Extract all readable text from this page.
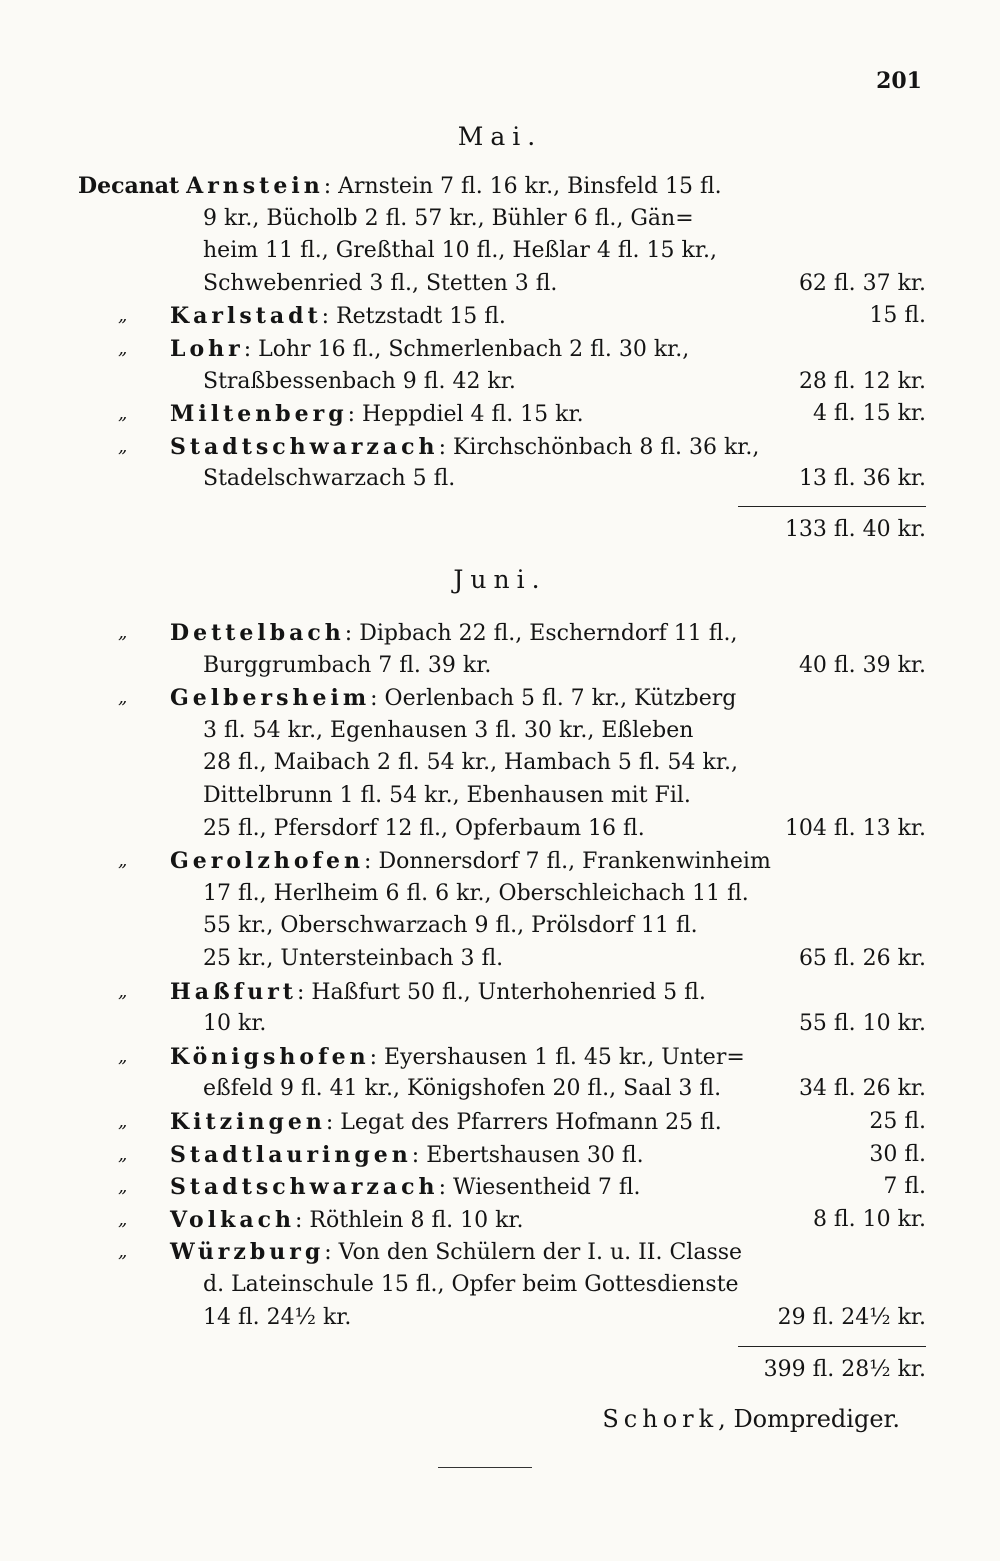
201
Mai.
Decanat Arnstein: Arnstein 7 fl. 16 kr., Binsfeld 15 fl.
9 kr., Bücholb 2 fl. 57 kr., Bühler 6 fl., Gän=
heim 11 fl., Greßthal 10 fl., Heßlar 4 fl. 15 kr.,
Schwebenried 3 fl., Stetten 3 fl.	62 fl. 37 kr.
„ Karlstadt: Retzstadt 15 fl.	15 fl.
„ Lohr: Lohr 16 fl., Schmerlenbach 2 fl. 30 kr.,
Straßbessenbach 9 fl. 42 kr.	28 fl. 12 kr.
„ Miltenberg: Heppdiel 4 fl. 15 kr.	4 fl. 15 kr.
„ Stadtschwarzach: Kirchschönbach 8 fl. 36 kr.,
Stadelschwarzach 5 fl.	13 fl. 36 kr.
133 fl. 40 kr.
Juni.
„ Dettelbach: Dipbach 22 fl., Escherndorf 11 fl.,
Burggrumbach 7 fl. 39 kr.	40 fl. 39 kr.
„ Gelbersheim: Oerlenbach 5 fl. 7 kr., Kützberg
3 fl. 54 kr., Egenhausen 3 fl. 30 kr., Eßleben
28 fl., Maibach 2 fl. 54 kr., Hambach 5 fl. 54 kr.,
Dittelbrunn 1 fl. 54 kr., Ebenhausen mit Fil.
25 fl., Pfersdorf 12 fl., Opferbaum 16 fl.	104 fl. 13 kr.
„ Gerolzhofen: Donnersdorf 7 fl., Frankenwinheim
17 fl., Herlheim 6 fl. 6 kr., Oberschleichach 11 fl.
55 kr., Oberschwarzach 9 fl., Prölsdorf 11 fl.
25 kr., Untersteinbach 3 fl.	65 fl. 26 kr.
„ Haßfurt: Haßfurt 50 fl., Unterhohenried 5 fl.
10 kr.	55 fl. 10 kr.
„ Königshofen: Eyershausen 1 fl. 45 kr., Unter=
eßfeld 9 fl. 41 kr., Königshofen 20 fl., Saal 3 fl.	34 fl. 26 kr.
„ Kitzingen: Legat des Pfarrers Hofmann 25 fl.	25 fl.
„ Stadtlauringen: Ebertshausen 30 fl.	30 fl.
„ Stadtschwarzach: Wiesentheid 7 fl.	7 fl.
„ Volkach: Röthlein 8 fl. 10 kr.	8 fl. 10 kr.
„ Würzburg: Von den Schülern der I. u. II. Classe
d. Lateinschule 15 fl., Opfer beim Gottesdienste
14 fl. 24½ kr.	29 fl. 24½ kr.
399 fl. 28½ kr.
Schork, Domprediger.
